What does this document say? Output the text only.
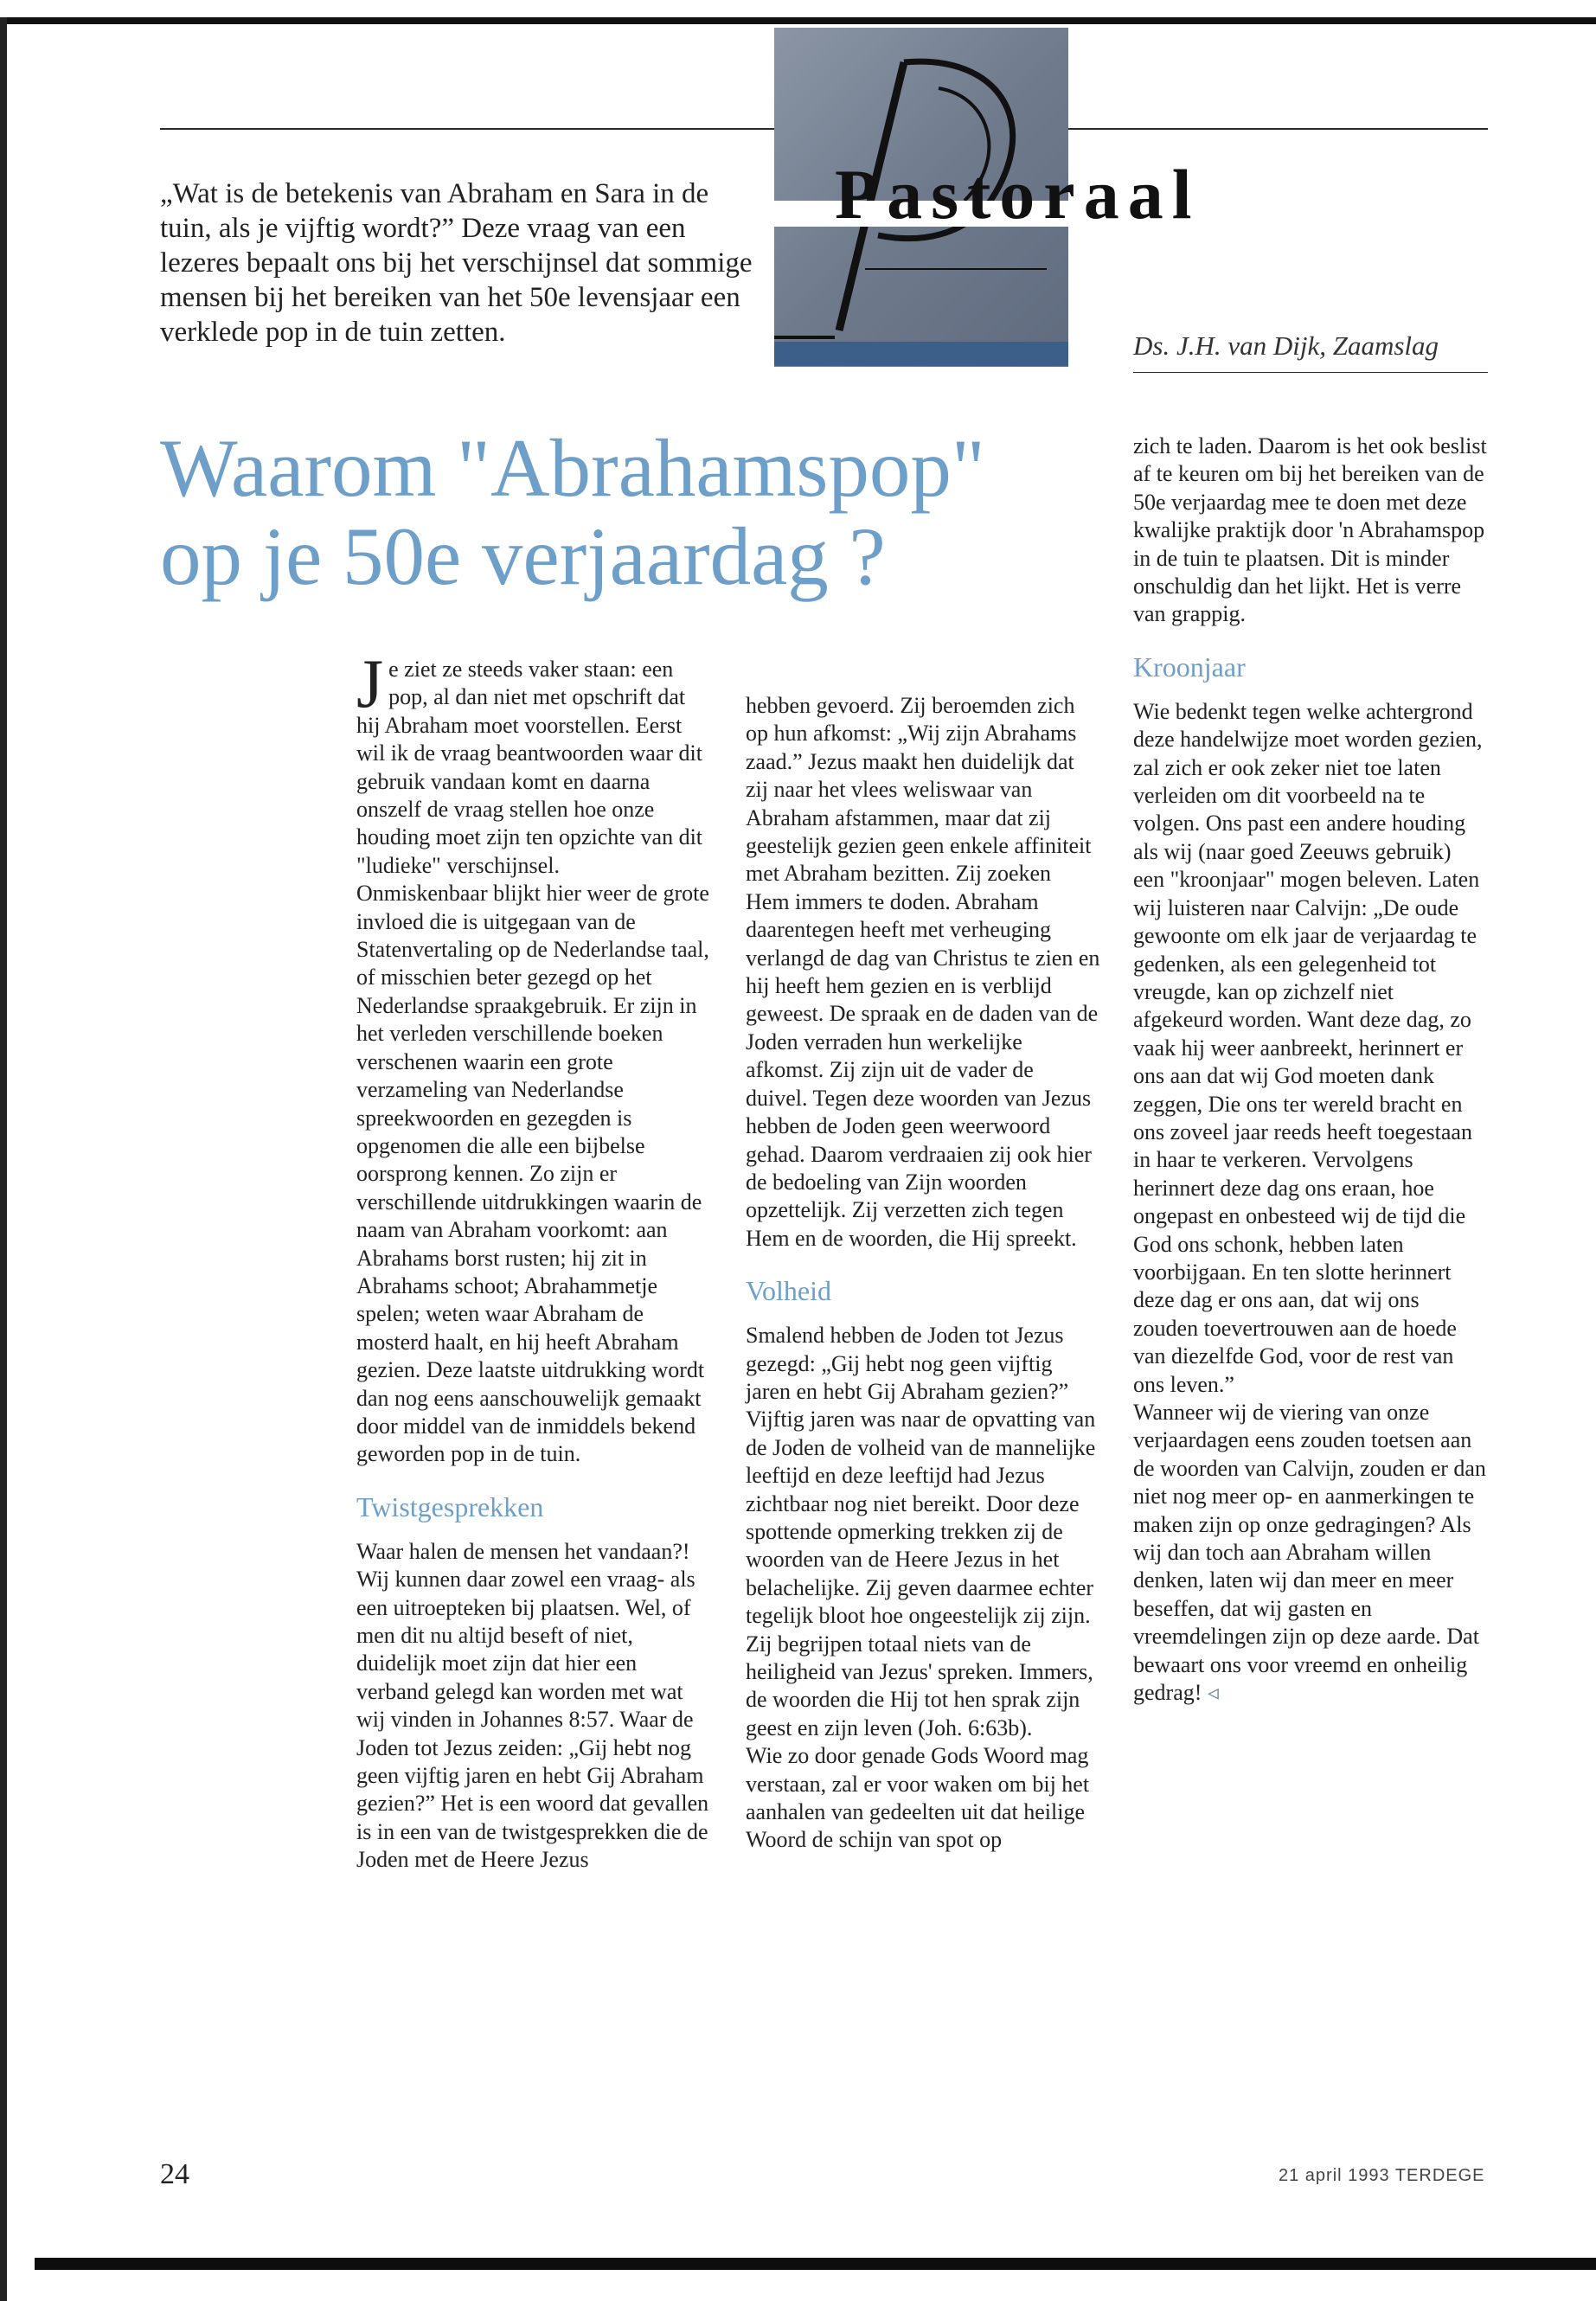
Pastoraal
Ds. J.H. van Dijk, Zaamslag
„Wat is de betekenis van Abraham en Sara in de tuin, als je vijftig wordt?” Deze vraag van een lezeres bepaalt ons bij het verschijnsel dat sommige mensen bij het bereiken van het 50e levensjaar een verklede pop in de tuin zetten.
Waarom "Abrahamspop"
op je 50e verjaardag ?

Je ziet ze steeds vaker staan: een pop, al dan niet met opschrift dat hij Abraham moet voorstellen. Eerst wil ik de vraag beantwoorden waar dit gebruik vandaan komt en daarna onszelf de vraag stellen hoe onze houding moet zijn ten opzichte van dit "ludieke" verschijnsel.

Onmiskenbaar blijkt hier weer de grote invloed die is uitgegaan van de Statenvertaling op de Nederlandse taal, of misschien beter gezegd op het Nederlandse spraakgebruik. Er zijn in het verleden verschillende boeken verschenen waarin een grote verzameling van Nederlandse spreekwoorden en gezegden is opgenomen die alle een bijbelse oorsprong kennen. Zo zijn er verschillende uitdrukkingen waarin de naam van Abraham voorkomt: aan Abrahams borst rusten; hij zit in Abrahams schoot; Abrahammetje spelen; weten waar Abraham de mosterd haalt, en hij heeft Abraham gezien. Deze laatste uitdrukking wordt dan nog eens aanschouwelijk gemaakt door middel van de inmiddels bekend geworden pop in de tuin.

Twistgesprekken

Waar halen de mensen het vandaan?! Wij kunnen daar zowel een vraag- als een uitroepteken bij plaatsen. Wel, of men dit nu altijd beseft of niet, duidelijk moet zijn dat hier een verband gelegd kan worden met wat wij vinden in Johannes 8:57. Waar de Joden tot Jezus zeiden: „Gij hebt nog geen vijftig jaren en hebt Gij Abraham gezien?” Het is een woord dat gevallen is in een van de twistgesprekken die de Joden met de Heere Jezus

hebben gevoerd. Zij beroemden zich op hun afkomst: „Wij zijn Abrahams zaad.” Jezus maakt hen duidelijk dat zij naar het vlees weliswaar van Abraham afstammen, maar dat zij geestelijk gezien geen enkele affiniteit met Abraham bezitten. Zij zoeken Hem immers te doden. Abraham daarentegen heeft met verheuging verlangd de dag van Christus te zien en hij heeft hem gezien en is verblijd geweest. De spraak en de daden van de Joden verraden hun werkelijke afkomst. Zij zijn uit de vader de duivel. Tegen deze woorden van Jezus hebben de Joden geen weerwoord gehad. Daarom verdraaien zij ook hier de bedoeling van Zijn woorden opzettelijk. Zij verzetten zich tegen Hem en de woorden, die Hij spreekt.

Volheid

Smalend hebben de Joden tot Jezus gezegd: „Gij hebt nog geen vijftig jaren en hebt Gij Abraham gezien?” Vijftig jaren was naar de opvatting van de Joden de volheid van de mannelijke leeftijd en deze leeftijd had Jezus zichtbaar nog niet bereikt. Door deze spottende opmerking trekken zij de woorden van de Heere Jezus in het belachelijke. Zij geven daarmee echter tegelijk bloot hoe ongeestelijk zij zijn. Zij begrijpen totaal niets van de heiligheid van Jezus' spreken. Immers, de woorden die Hij tot hen sprak zijn geest en zijn leven (Joh. 6:63b).

Wie zo door genade Gods Woord mag verstaan, zal er voor waken om bij het aanhalen van gedeelten uit dat heilige Woord de schijn van spot op

zich te laden. Daarom is het ook beslist af te keuren om bij het bereiken van de 50e verjaardag mee te doen met deze kwalijke praktijk door 'n Abrahamspop in de tuin te plaatsen. Dit is minder onschuldig dan het lijkt. Het is verre van grappig.

Kroonjaar

Wie bedenkt tegen welke achtergrond deze handelwijze moet worden gezien, zal zich er ook zeker niet toe laten verleiden om dit voorbeeld na te volgen. Ons past een andere houding als wij (naar goed Zeeuws gebruik) een "kroonjaar" mogen beleven. Laten wij luisteren naar Calvijn: „De oude gewoonte om elk jaar de verjaardag te gedenken, als een gelegenheid tot vreugde, kan op zichzelf niet afgekeurd worden. Want deze dag, zo vaak hij weer aanbreekt, herinnert er ons aan dat wij God moeten dank zeggen, Die ons ter wereld bracht en ons zoveel jaar reeds heeft toegestaan in haar te verkeren. Vervolgens herinnert deze dag ons eraan, hoe ongepast en onbesteed wij de tijd die God ons schonk, hebben laten voorbijgaan. En ten slotte herinnert deze dag er ons aan, dat wij ons zouden toevertrouwen aan de hoede van diezelfde God, voor de rest van ons leven.”

Wanneer wij de viering van onze verjaardagen eens zouden toetsen aan de woorden van Calvijn, zouden er dan niet nog meer op- en aanmerkingen te maken zijn op onze gedragingen? Als wij dan toch aan Abraham willen denken, laten wij dan meer en meer beseffen, dat wij gasten en vreemdelingen zijn op deze aarde. Dat bewaart ons voor vreemd en onheilig gedrag! ◃

24	21 april 1993 TERDEGE
